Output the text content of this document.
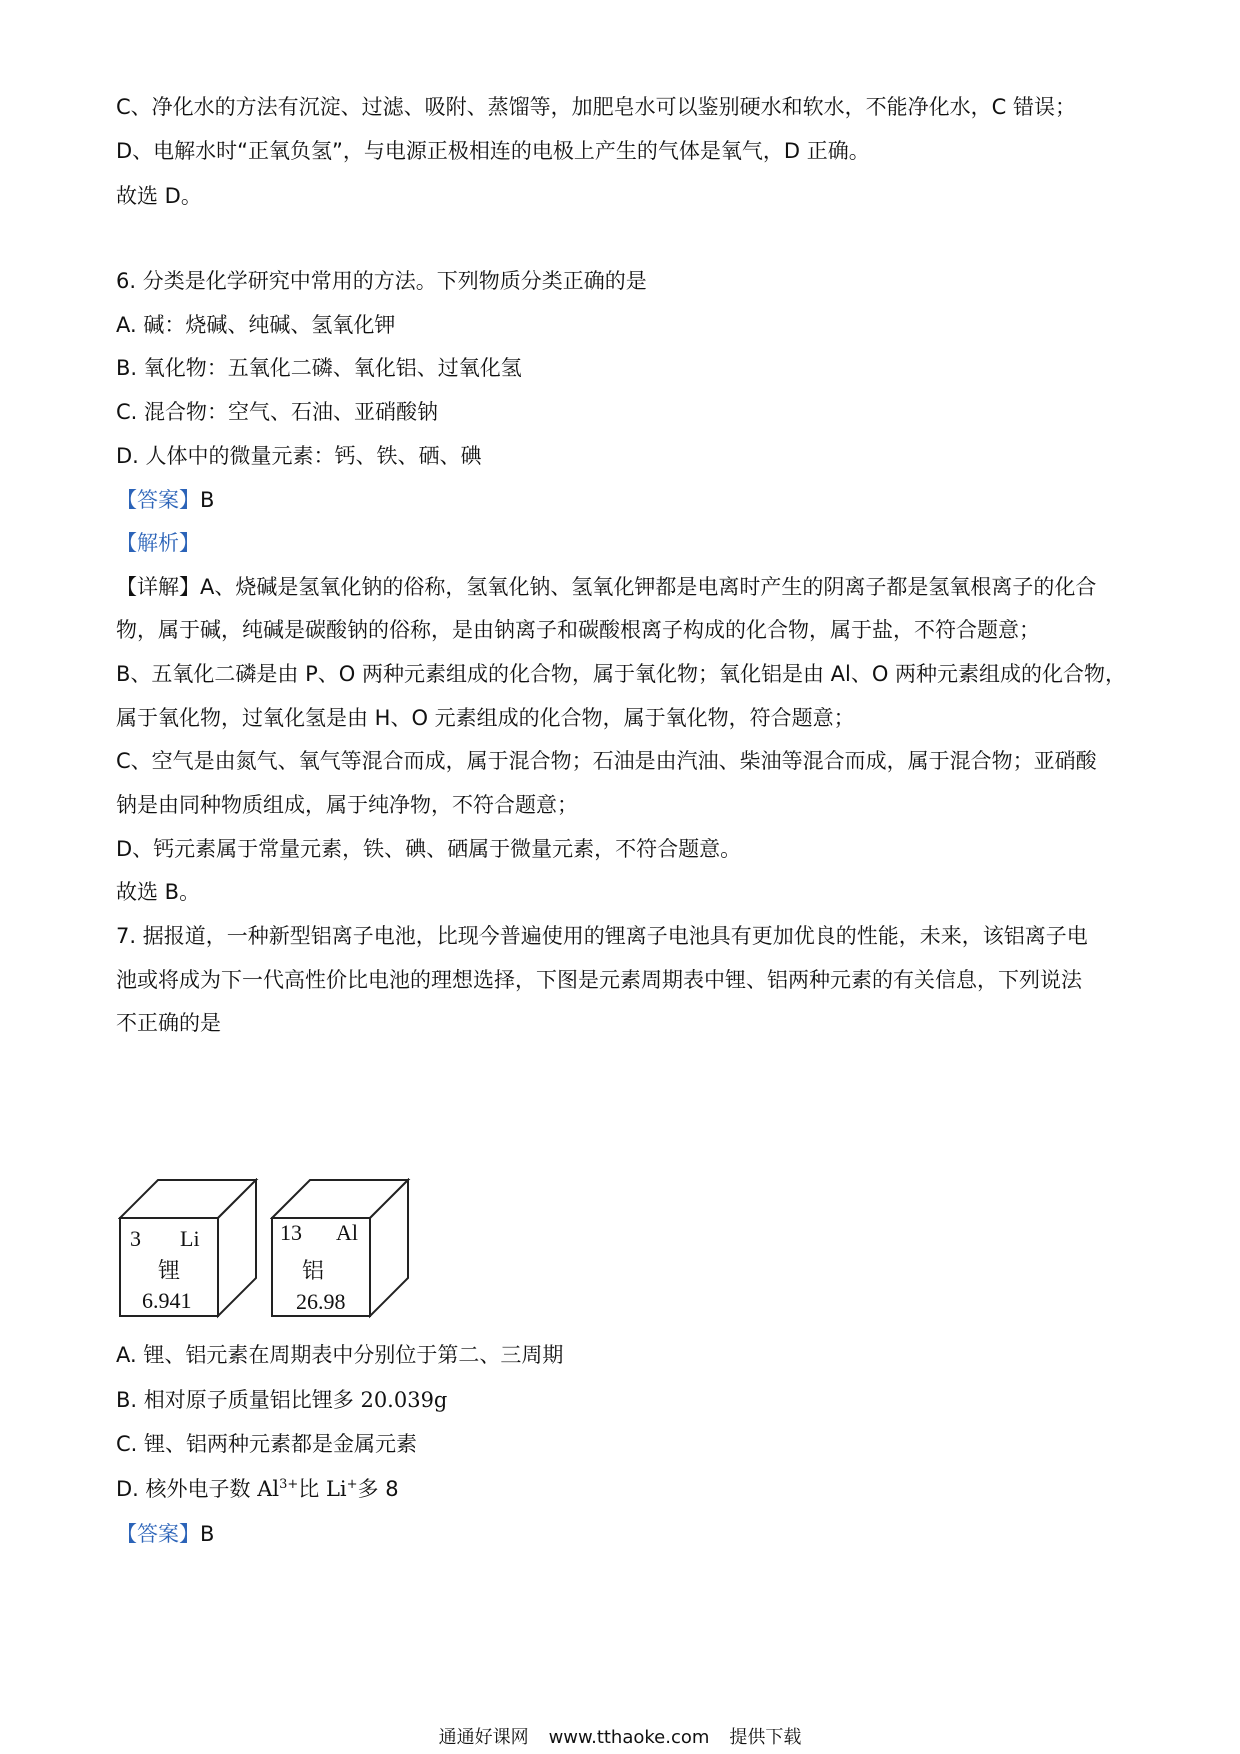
C、净化水的方法有沉淀、过滤、吸附、蒸馏等，加肥皂水可以鉴别硬水和软水，不能净化水，C 错误；
D、电解水时“正氧负氢”，与电源正极相连的电极上产生的气体是氧气，D 正确。
故选 D。
6. 分类是化学研究中常用的方法。下列物质分类正确的是
A. 碱：烧碱、纯碱、氢氧化钾
B. 氧化物：五氧化二磷、氧化铝、过氧化氢
C. 混合物：空气、石油、亚硝酸钠
D. 人体中的微量元素：钙、铁、硒、碘
【答案】B
【解析】
【详解】A、烧碱是氢氧化钠的俗称，氢氧化钠、氢氧化钾都是电离时产生的阴离子都是氢氧根离子的化合
物，属于碱，纯碱是碳酸钠的俗称，是由钠离子和碳酸根离子构成的化合物，属于盐，不符合题意；
B、五氧化二磷是由 P、O 两种元素组成的化合物，属于氧化物；氧化铝是由 Al、O 两种元素组成的化合物，
属于氧化物，过氧化氢是由 H、O 元素组成的化合物，属于氧化物，符合题意；
C、空气是由氮气、氧气等混合而成，属于混合物；石油是由汽油、柴油等混合而成，属于混合物；亚硝酸
钠是由同种物质组成，属于纯净物，不符合题意；
D、钙元素属于常量元素，铁、碘、硒属于微量元素，不符合题意。
故选 B。
7. 据报道，一种新型铝离子电池，比现今普遍使用的锂离子电池具有更加优良的性能，未来，该铝离子电
池或将成为下一代高性价比电池的理想选择，下图是元素周期表中锂、铝两种元素的有关信息，下列说法
不正确的是
3 Li
锂
6.941
13 Al
铝
26.98
A. 锂、铝元素在周期表中分别位于第二、三周期
B. 相对原子质量铝比锂多 20.039g
C. 锂、铝两种元素都是金属元素
D. 核外电子数 $Al^{3+}$比 Li+多 8
【答案】B
通通好课网 www.tthaoke.com 提供下载
